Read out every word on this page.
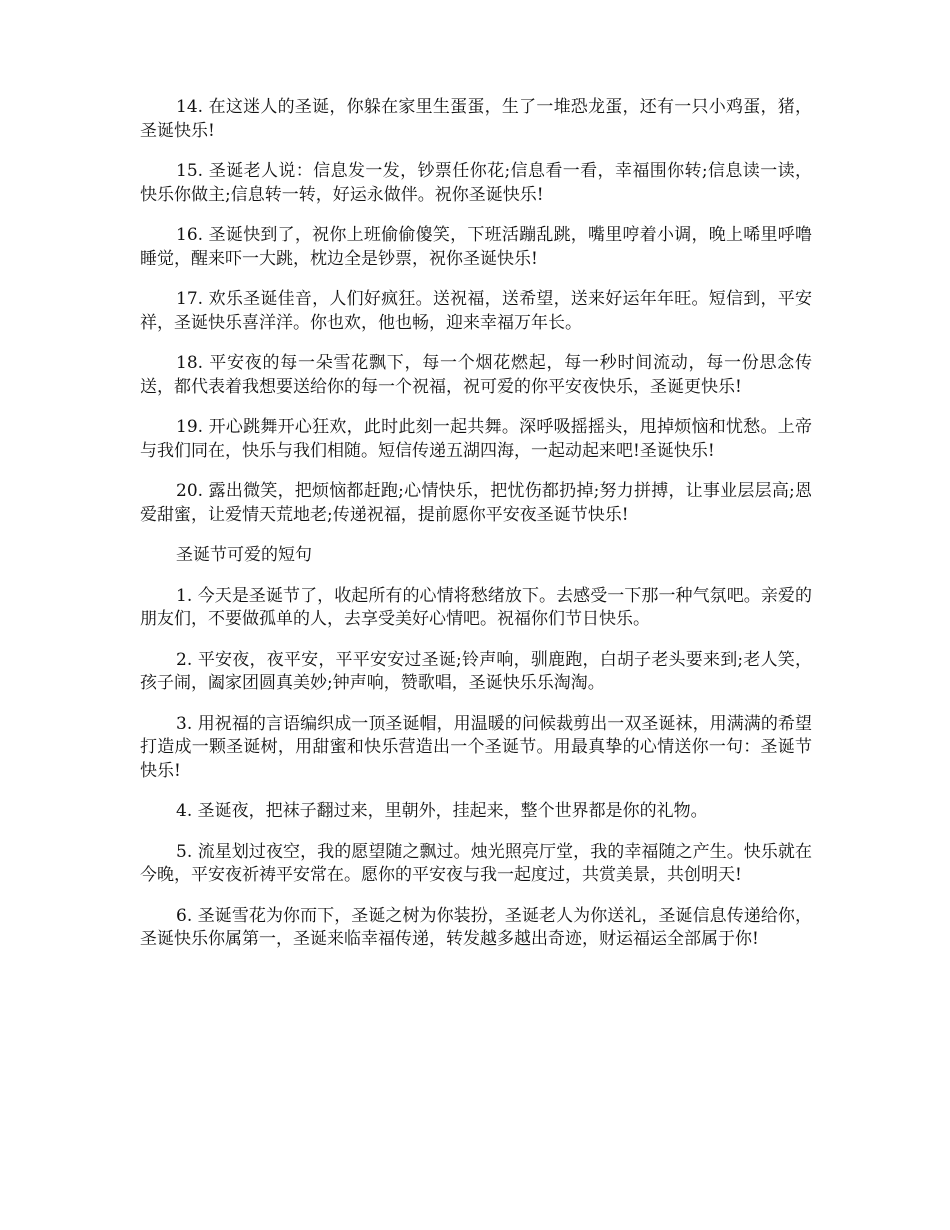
14. 在这迷人的圣诞，你躲在家里生蛋蛋，生了一堆恐龙蛋，还有一只小鸡蛋，猪，圣诞快乐!

15. 圣诞老人说：信息发一发，钞票任你花;信息看一看，幸福围你转;信息读一读，快乐你做主;信息转一转，好运永做伴。祝你圣诞快乐!

16. 圣诞快到了，祝你上班偷偷傻笑，下班活蹦乱跳，嘴里哼着小调，晚上唏里呼噜睡觉，醒来吓一大跳，枕边全是钞票，祝你圣诞快乐!

17. 欢乐圣诞佳音，人们好疯狂。送祝福，送希望，送来好运年年旺。短信到，平安祥，圣诞快乐喜洋洋。你也欢，他也畅，迎来幸福万年长。

18. 平安夜的每一朵雪花飘下，每一个烟花燃起，每一秒时间流动，每一份思念传送，都代表着我想要送给你的每一个祝福，祝可爱的你平安夜快乐，圣诞更快乐!

19. 开心跳舞开心狂欢，此时此刻一起共舞。深呼吸摇摇头，甩掉烦恼和忧愁。上帝与我们同在，快乐与我们相随。短信传递五湖四海，一起动起来吧!圣诞快乐!

20. 露出微笑，把烦恼都赶跑;心情快乐，把忧伤都扔掉;努力拼搏，让事业层层高;恩爱甜蜜，让爱情天荒地老;传递祝福，提前愿你平安夜圣诞节快乐!

圣诞节可爱的短句

1. 今天是圣诞节了，收起所有的心情将愁绪放下。去感受一下那一种气氛吧。亲爱的朋友们，不要做孤单的人，去享受美好心情吧。祝福你们节日快乐。

2. 平安夜，夜平安，平平安安过圣诞;铃声响，驯鹿跑，白胡子老头要来到;老人笑，孩子闹，阖家团圆真美妙;钟声响，赞歌唱，圣诞快乐乐淘淘。

3. 用祝福的言语编织成一顶圣诞帽，用温暖的问候裁剪出一双圣诞袜，用满满的希望打造成一颗圣诞树，用甜蜜和快乐营造出一个圣诞节。用最真挚的心情送你一句：圣诞节快乐!

4. 圣诞夜，把袜子翻过来，里朝外，挂起来，整个世界都是你的礼物。

5. 流星划过夜空，我的愿望随之飘过。烛光照亮厅堂，我的幸福随之产生。快乐就在今晚，平安夜祈祷平安常在。愿你的平安夜与我一起度过，共赏美景，共创明天!

6. 圣诞雪花为你而下，圣诞之树为你装扮，圣诞老人为你送礼，圣诞信息传递给你，圣诞快乐你属第一，圣诞来临幸福传递，转发越多越出奇迹，财运福运全部属于你!
